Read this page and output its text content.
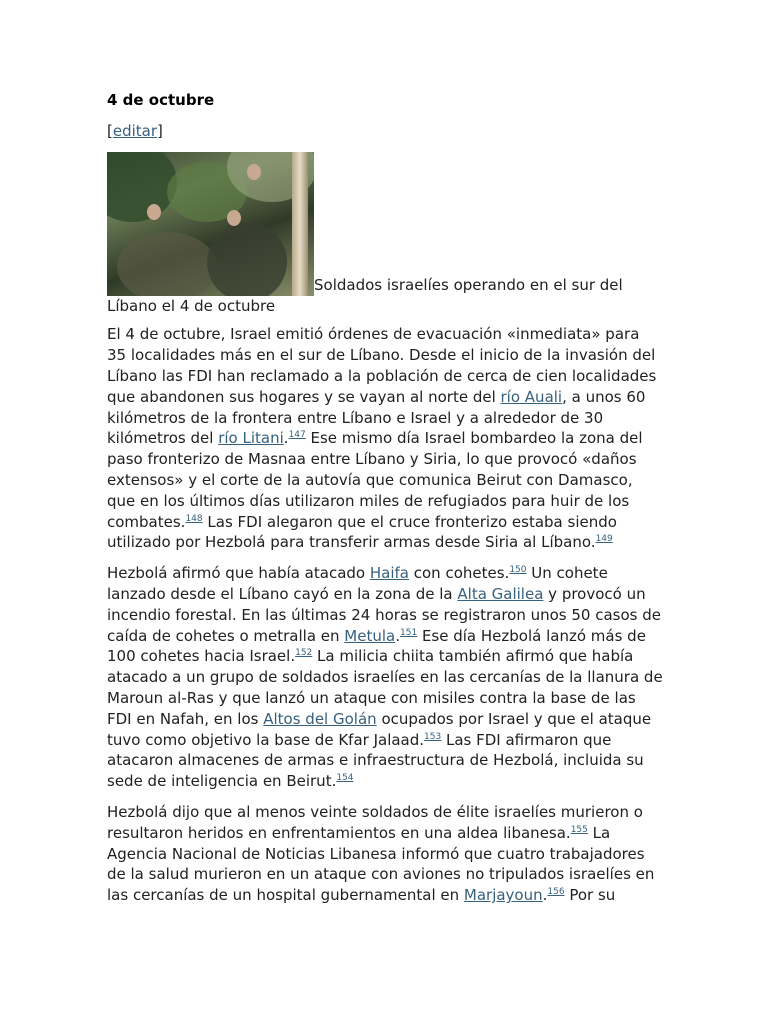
4 de octubre
[editar]
Soldados israelíes operando en el sur del Líbano el 4 de octubre

El 4 de octubre, Israel emitió órdenes de evacuación «inmediata» para 35 localidades más en el sur de Líbano. Desde el inicio de la invasión del Líbano las FDI han reclamado a la población de cerca de cien localidades que abandonen sus hogares y se vayan al norte del río Auali, a unos 60 kilómetros de la frontera entre Líbano e Israel y a alrededor de 30 kilómetros del río Litani.$^{147}$ Ese mismo día Israel bombardeo la zona del paso fronterizo de Masnaa entre Líbano y Siria, lo que provocó «daños extensos» y el corte de la autovía que comunica Beirut con Damasco, que en los últimos días utilizaron miles de refugiados para huir de los combates.$^{148}$ Las FDI alegaron que el cruce fronterizo estaba siendo utilizado por Hezbolá para transferir armas desde Siria al Líbano.$^{149}$

Hezbolá afirmó que había atacado Haifa con cohetes.$^{150}$ Un cohete lanzado desde el Líbano cayó en la zona de la Alta Galilea y provocó un incendio forestal. En las últimas 24 horas se registraron unos 50 casos de caída de cohetes o metralla en Metula.$^{151}$ Ese día Hezbolá lanzó más de 100 cohetes hacia Israel.$^{152}$ La milicia chiita también afirmó que había atacado a un grupo de soldados israelíes en las cercanías de la llanura de Maroun al-Ras y que lanzó un ataque con misiles contra la base de las FDI en Nafah, en los Altos del Golán ocupados por Israel y que el ataque tuvo como objetivo la base de Kfar Jalaad.$^{153}$ Las FDI afirmaron que atacaron almacenes de armas e infraestructura de Hezbolá, incluida su sede de inteligencia en Beirut.$^{154}$

Hezbolá dijo que al menos veinte soldados de élite israelíes murieron o resultaron heridos en enfrentamientos en una aldea libanesa.$^{155}$ La Agencia Nacional de Noticias Libanesa informó que cuatro trabajadores de la salud murieron en un ataque con aviones no tripulados israelíes en las cercanías de un hospital gubernamental en Marjayoun.$^{156}$ Por su
